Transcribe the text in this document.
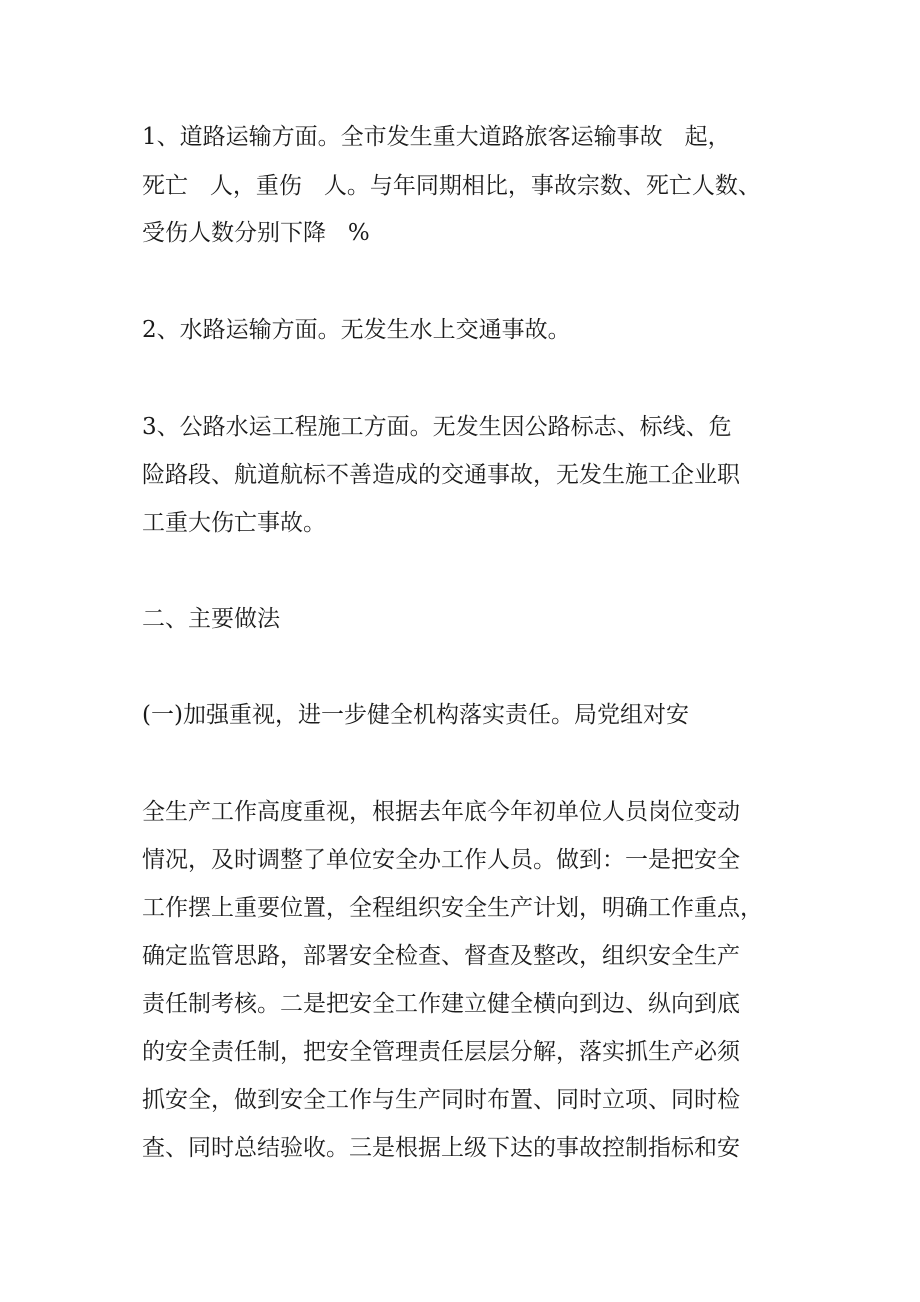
1、道路运输方面。全市发生重大道路旅客运输事故   起，
死亡   人，重伤   人。与年同期相比，事故宗数、死亡人数、
受伤人数分别下降   %
2、水路运输方面。无发生水上交通事故。
3、公路水运工程施工方面。无发生因公路标志、标线、危
险路段、航道航标不善造成的交通事故，无发生施工企业职
工重大伤亡事故。
二、主要做法
(一)加强重视，进一步健全机构落实责任。局党组对安
全生产工作高度重视，根据去年底今年初单位人员岗位变动
情况，及时调整了单位安全办工作人员。做到：一是把安全
工作摆上重要位置，全程组织安全生产计划，明确工作重点，
确定监管思路，部署安全检查、督查及整改，组织安全生产
责任制考核。二是把安全工作建立健全横向到边、纵向到底
的安全责任制，把安全管理责任层层分解，落实抓生产必须
抓安全，做到安全工作与生产同时布置、同时立项、同时检
查、同时总结验收。三是根据上级下达的事故控制指标和安
